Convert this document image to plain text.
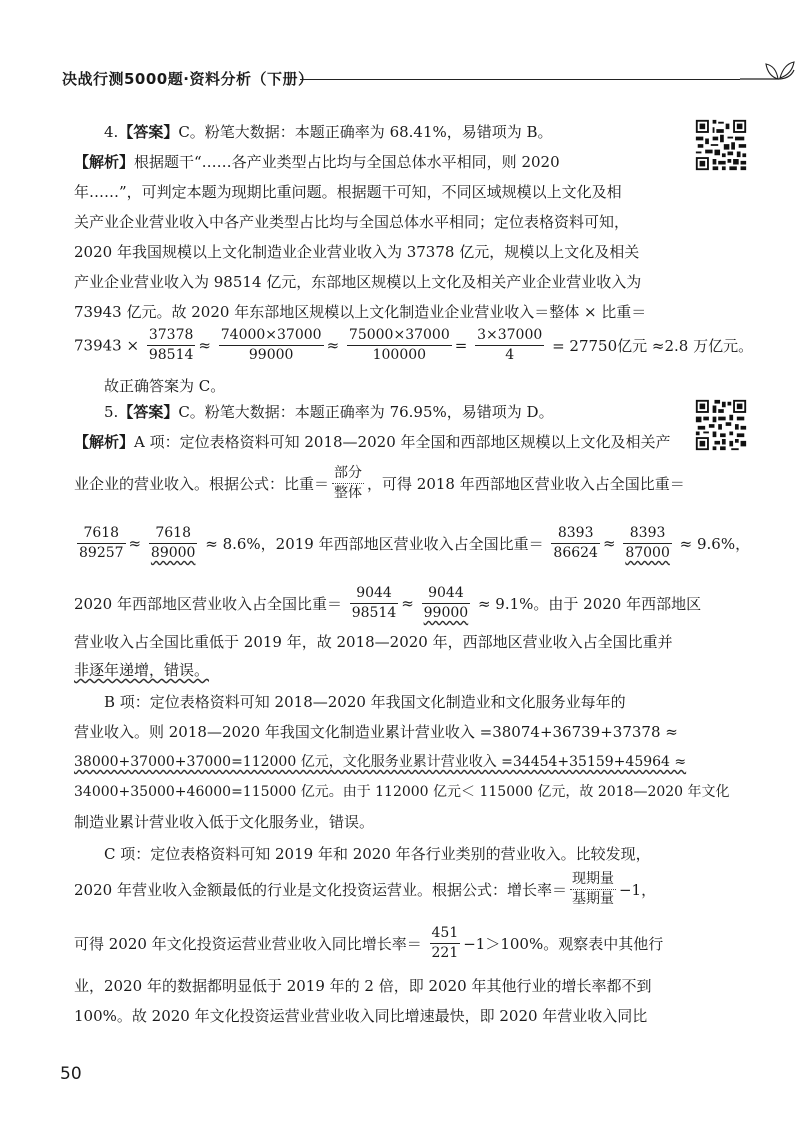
决战行测5000题·资料分析（下册）
4.【答案】C。粉笔大数据：本题正确率为 68.41%，易错项为 B。
【解析】根据题干“……各产业类型占比均与全国总体水平相同，则 2020
年……”，可判定本题为现期比重问题。根据题干可知，不同区域规模以上文化及相
关产业企业营业收入中各产业类型占比均与全国总体水平相同；定位表格资料可知，
2020 年我国规模以上文化制造业企业营业收入为 37378 亿元，规模以上文化及相关
产业企业营业收入为 98514 亿元，东部地区规模以上文化及相关产业企业营业收入为
73943 亿元。故 2020 年东部地区规模以上文化制造业企业营业收入＝整体 × 比重＝
$73943 \times \frac{37378}{98514} \approx \frac{74000\times 37000}{99000} \approx \frac{75000\times 37000}{100000} = \frac{3\times 37000}{4} = 27750$亿元 ≈2.8 万亿元。
故正确答案为 C。
5.【答案】C。粉笔大数据：本题正确率为 76.95%，易错项为 D。
【解析】A 项：定位表格资料可知 2018—2020 年全国和西部地区规模以上文化及相关产
业企业的营业收入。根据公式：比重＝ $\frac{\text{部分}}{\text{整体}}$ ，可得 2018 年西部地区营业收入占全国比重＝
$\frac{7618}{89257} \approx \frac{7618}{89000} \approx 8.6\%$，2019 年西部地区营业收入占全国比重＝ $\frac{8393}{86624} \approx \frac{8393}{87000} \approx 9.6\%$，
2020 年西部地区营业收入占全国比重＝ $\frac{9044}{98514} \approx \frac{9044}{99000} \approx 9.1\%$。由于 2020 年西部地区
营业收入占全国比重低于 2019 年，故 2018—2020 年，西部地区营业收入占全国比重并
非逐年递增，错误。
B 项：定位表格资料可知 2018—2020 年我国文化制造业和文化服务业每年的
营业收入。则 2018—2020 年我国文化制造业累计营业收入 =38074+36739+37378 ≈
38000+37000+37000=112000 亿元，文化服务业累计营业收入 =34454+35159+45964 ≈
34000+35000+46000=115000 亿元。由于 112000 亿元＜ 115000 亿元，故 2018—2020 年文化
制造业累计营业收入低于文化服务业，错误。
C 项：定位表格资料可知 2019 年和 2020 年各行业类别的营业收入。比较发现，
2020 年营业收入金额最低的行业是文化投资运营业。根据公式：增长率＝ $\frac{\text{现期量}}{\text{基期量}} -1$，
可得 2020 年文化投资运营业营业收入同比增长率＝ $\frac{451}{221} -1>100\%$。观察表中其他行
业，2020 年的数据都明显低于 2019 年的 2 倍，即 2020 年其他行业的增长率都不到
100%。故 2020 年文化投资运营业营业收入同比增速最快，即 2020 年营业收入同比
50
